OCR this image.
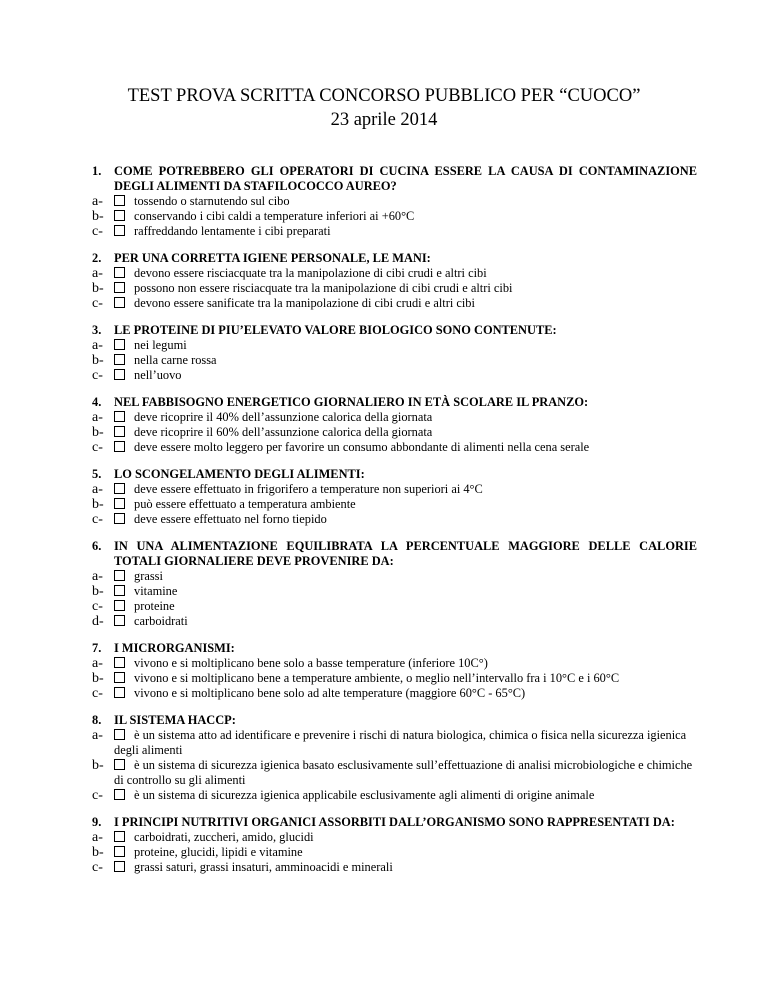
TEST PROVA SCRITTA CONCORSO PUBBLICO PER “CUOCO”
23 aprile 2014
1. COME POTREBBERO GLI OPERATORI DI CUCINA ESSERE LA CAUSA DI CONTAMINAZIONE DEGLI ALIMENTI DA STAFILOCOCCO AUREO?
a-	tossendo o starnutendo sul cibo
b- conservando i cibi caldi a temperature inferiori ai +60°C
c-	raffreddando lentamente i cibi preparati
2. PER UNA CORRETTA IGIENE PERSONALE, LE MANI:
a-	devono essere risciacquate tra la manipolazione di cibi crudi e altri cibi
b- possono non essere risciacquate tra la manipolazione di cibi crudi e altri cibi
c-	devono essere sanificate tra la manipolazione di cibi crudi e altri cibi
3. LE PROTEINE DI PIU’ELEVATO VALORE BIOLOGICO SONO CONTENUTE:
a-	nei legumi
b- nella carne rossa
c-	nell’uovo
4. NEL FABBISOGNO ENERGETICO GIORNALIERO IN ETÀ SCOLARE IL PRANZO:
a-	deve ricoprire il 40% dell’assunzione calorica della giornata
b- deve ricoprire il 60% dell’assunzione calorica della giornata
c-	deve essere molto leggero per favorire un consumo abbondante di alimenti nella cena serale
5. LO SCONGELAMENTO DEGLI ALIMENTI:
a-	deve essere effettuato in frigorifero a temperature non superiori ai 4°C
b- può essere effettuato a temperatura ambiente
c-	deve essere effettuato nel forno tiepido
6. IN UNA ALIMENTAZIONE EQUILIBRATA LA PERCENTUALE MAGGIORE DELLE CALORIE TOTALI GIORNALIERE DEVE PROVENIRE DA:
a-	grassi
b- vitamine
c-	proteine
d- carboidrati
7. I MICRORGANISMI:
a-	vivono e si moltiplicano bene solo a basse temperature (inferiore 10C°)
b- vivono e si moltiplicano bene a temperature ambiente, o meglio nell’intervallo fra i 10°C e i 60°C
c-	vivono e si moltiplicano bene solo ad alte temperature (maggiore 60°C - 65°C)
8. IL SISTEMA HACCP:
a-	è un sistema atto ad identificare e prevenire i rischi di natura biologica, chimica o fisica nella sicurezza igienica degli alimenti
b- è un sistema di sicurezza igienica basato esclusivamente sull’effettuazione di analisi microbiologiche e chimiche di controllo su gli alimenti
c-	è un sistema di sicurezza igienica applicabile esclusivamente agli alimenti di origine animale
9. I PRINCIPI NUTRITIVI ORGANICI ASSORBITI DALL’ORGANISMO SONO RAPPRESENTATI DA:
a-	carboidrati, zuccheri, amido, glucidi
b- proteine, glucidi, lipidi e vitamine
c-	grassi saturi, grassi insaturi, amminoacidi e minerali
